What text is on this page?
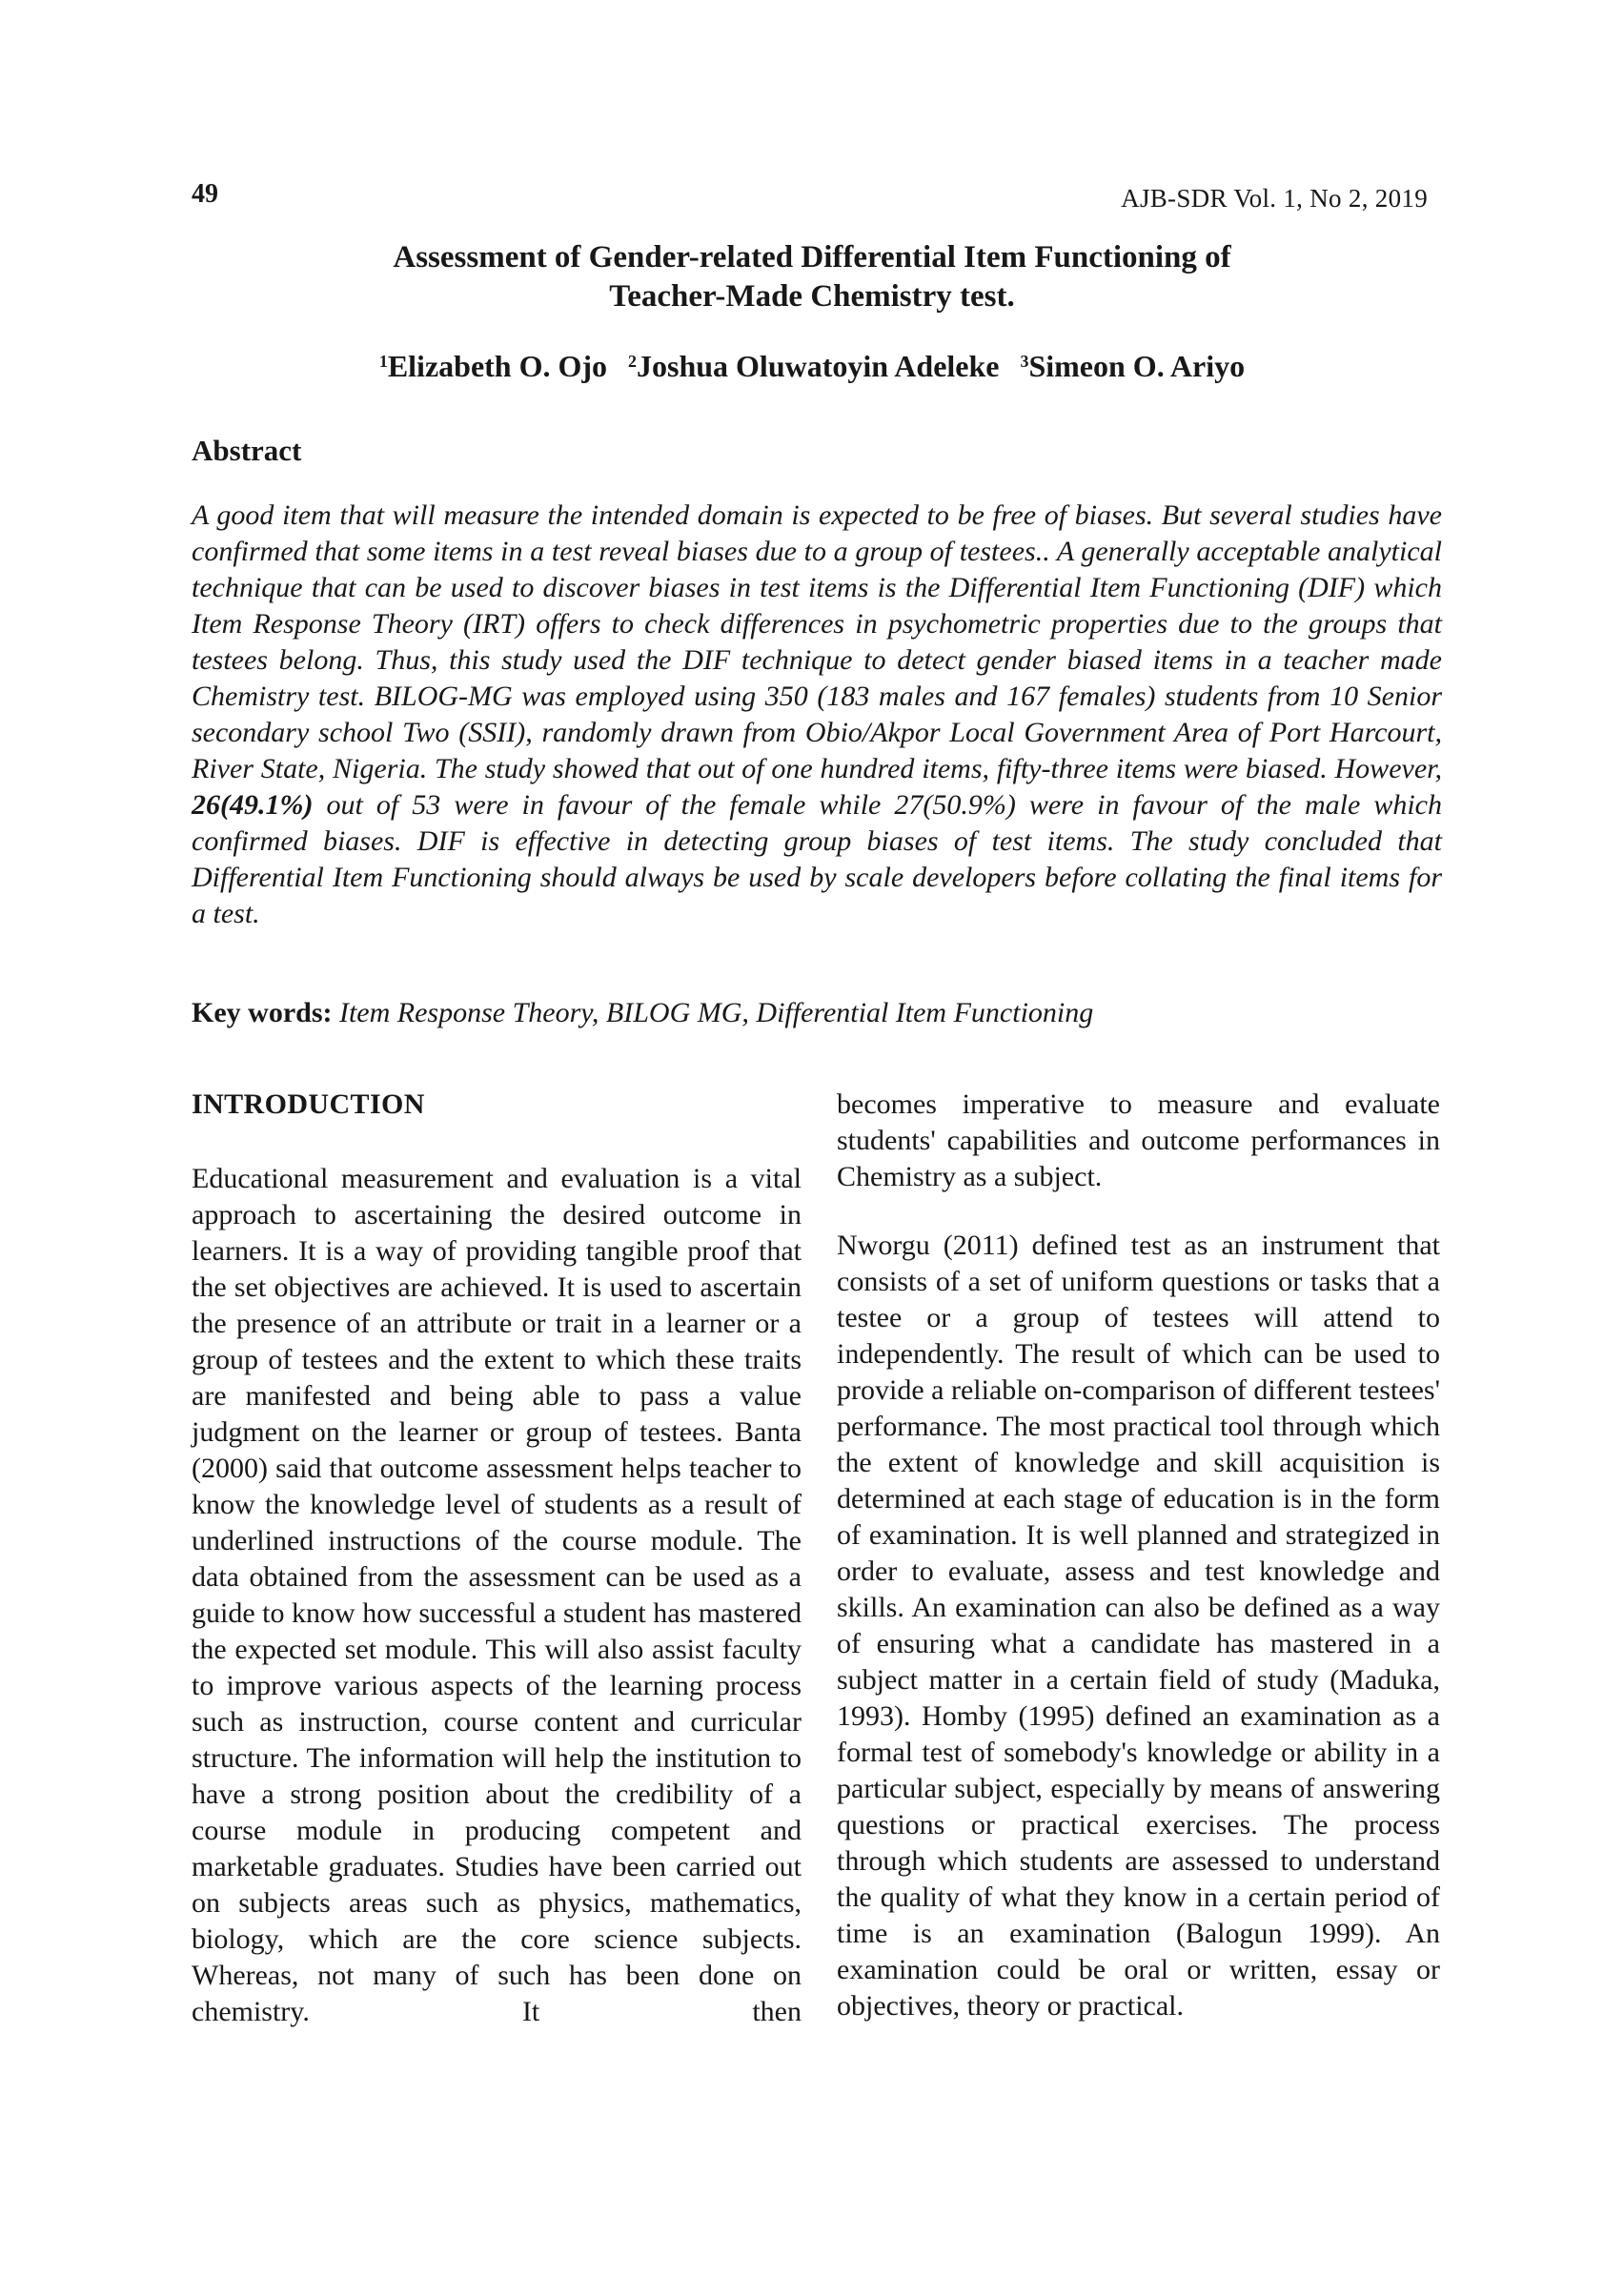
49	AJB-SDR Vol. 1, No 2, 2019
Assessment of Gender-related Differential Item Functioning of
Teacher-Made Chemistry test.
$^1$Elizabeth O. Ojo $^2$Joshua Oluwatoyin Adeleke $^3$Simeon O. Ariyo
Abstract
A good item that will measure the intended domain is expected to be free of biases. But several studies have confirmed that some items in a test reveal biases due to a group of testees.. A generally acceptable analytical technique that can be used to discover biases in test items is the Differential Item Functioning (DIF) which Item Response Theory (IRT) offers to check differences in psychometric properties due to the groups that testees belong. Thus, this study used the DIF technique to detect gender biased items in a teacher made Chemistry test. BILOG-MG was employed using 350 (183 males and 167 females) students from 10 Senior secondary school Two (SSII), randomly drawn from Obio/Akpor Local Government Area of Port Harcourt, River State, Nigeria. The study showed that out of one hundred items, fifty-three items were biased. However, 26(49.1%) out of 53 were in favour of the female while 27(50.9%) were in favour of the male which confirmed biases. DIF is effective in detecting group biases of test items. The study concluded that Differential Item Functioning should always be used by scale developers before collating the final items for a test.
Key words: Item Response Theory, BILOG MG, Differential Item Functioning
INTRODUCTION

Educational measurement and evaluation is a vital approach to ascertaining the desired outcome in learners. It is a way of providing tangible proof that the set objectives are achieved. It is used to ascertain the presence of an attribute or trait in a learner or a group of testees and the extent to which these traits are manifested and being able to pass a value judgment on the learner or group of testees. Banta (2000) said that outcome assessment helps teacher to know the knowledge level of students as a result of underlined instructions of the course module. The data obtained from the assessment can be used as a guide to know how successful a student has mastered the expected set module. This will also assist faculty to improve various aspects of the learning process such as instruction, course content and curricular structure. The information will help the institution to have a strong position about the credibility of a course module in producing competent and marketable graduates. Studies have been carried out on subjects areas such as physics, mathematics, biology, which are the core science subjects. Whereas, not many of such has been done on chemistry. It then

becomes imperative to measure and evaluate students' capabilities and outcome performances in Chemistry as a subject.

Nworgu (2011) defined test as an instrument that consists of a set of uniform questions or tasks that a testee or a group of testees will attend to independently. The result of which can be used to provide a reliable on-comparison of different testees' performance. The most practical tool through which the extent of knowledge and skill acquisition is determined at each stage of education is in the form of examination. It is well planned and strategized in order to evaluate, assess and test knowledge and skills. An examination can also be defined as a way of ensuring what a candidate has mastered in a subject matter in a certain field of study (Maduka, 1993). Homby (1995) defined an examination as a formal test of somebody's knowledge or ability in a particular subject, especially by means of answering questions or practical exercises. The process through which students are assessed to understand the quality of what they know in a certain period of time is an examination (Balogun 1999). An examination could be oral or written, essay or objectives, theory or practical.
